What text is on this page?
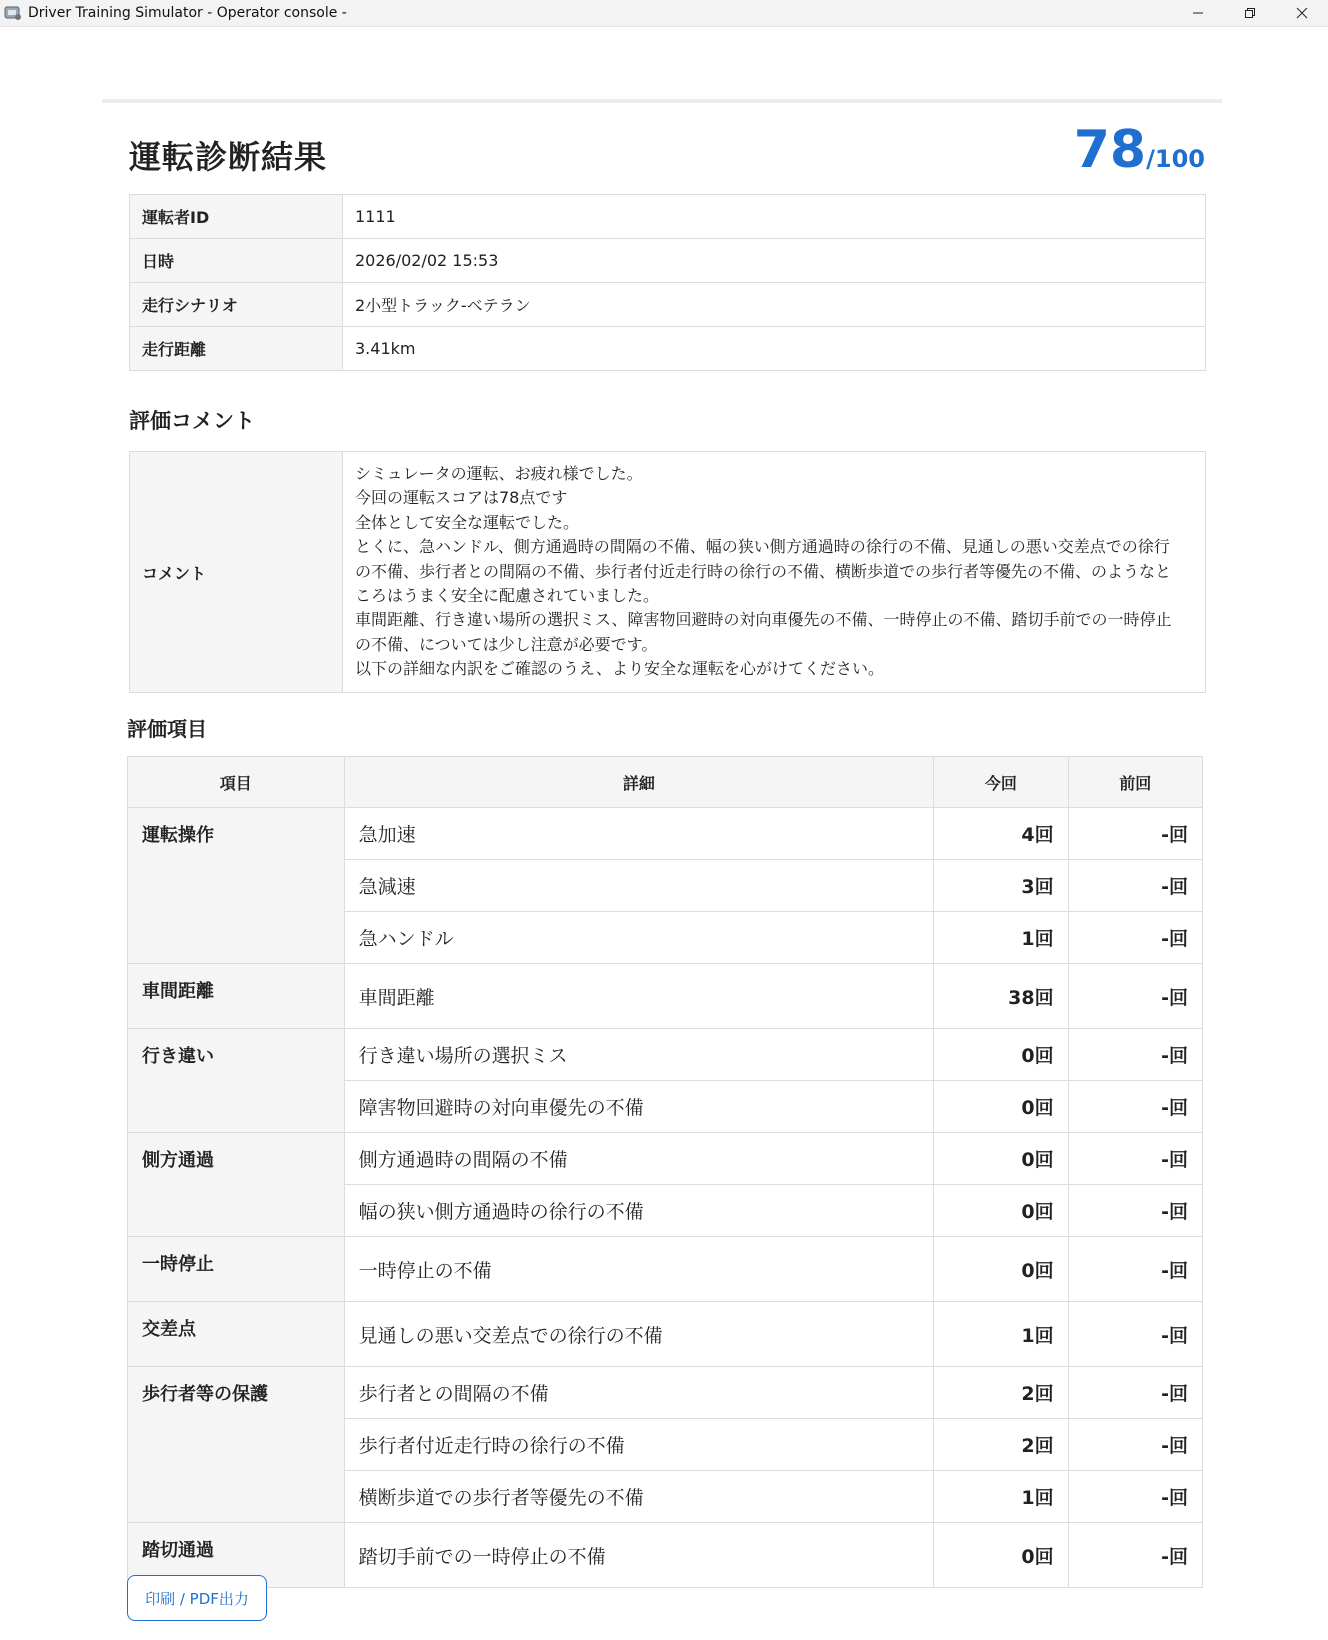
Driver Training Simulator - Operator console -
運転診断結果	78/100
運転者ID	1111
日時	2026/02/02 15:53
走行シナリオ	2小型トラック-ベテラン
走行距離	3.41km
評価コメント
コメント	
シミュレータの運転、お疲れ様でした。
今回の運転スコアは78点です
全体として安全な運転でした。
とくに、急ハンドル、側方通過時の間隔の不備、幅の狭い側方通過時の徐行の不備、見通しの悪い交差点での徐行
の不備、歩行者との間隔の不備、歩行者付近走行時の徐行の不備、横断歩道での歩行者等優先の不備、のようなと
ころはうまく安全に配慮されていました。
車間距離、行き違い場所の選択ミス、障害物回避時の対向車優先の不備、一時停止の不備、踏切手前での一時停止
の不備、については少し注意が必要です。
以下の詳細な内訳をご確認のうえ、より安全な運転を心がけてください。
評価項目
項目	詳細	今回	前回
運転操作	急加速	4回	-回
	急減速	3回	-回
	急ハンドル	1回	-回
車間距離	車間距離	38回	-回
行き違い	行き違い場所の選択ミス	0回	-回
	障害物回避時の対向車優先の不備	0回	-回
側方通過	側方通過時の間隔の不備	0回	-回
	幅の狭い側方通過時の徐行の不備	0回	-回
一時停止	一時停止の不備	0回	-回
交差点	見通しの悪い交差点での徐行の不備	1回	-回
歩行者等の保護	歩行者との間隔の不備	2回	-回
	歩行者付近走行時の徐行の不備	2回	-回
	横断歩道での歩行者等優先の不備	1回	-回
踏切通過	踏切手前での一時停止の不備	0回	-回
印刷 / PDF出力
